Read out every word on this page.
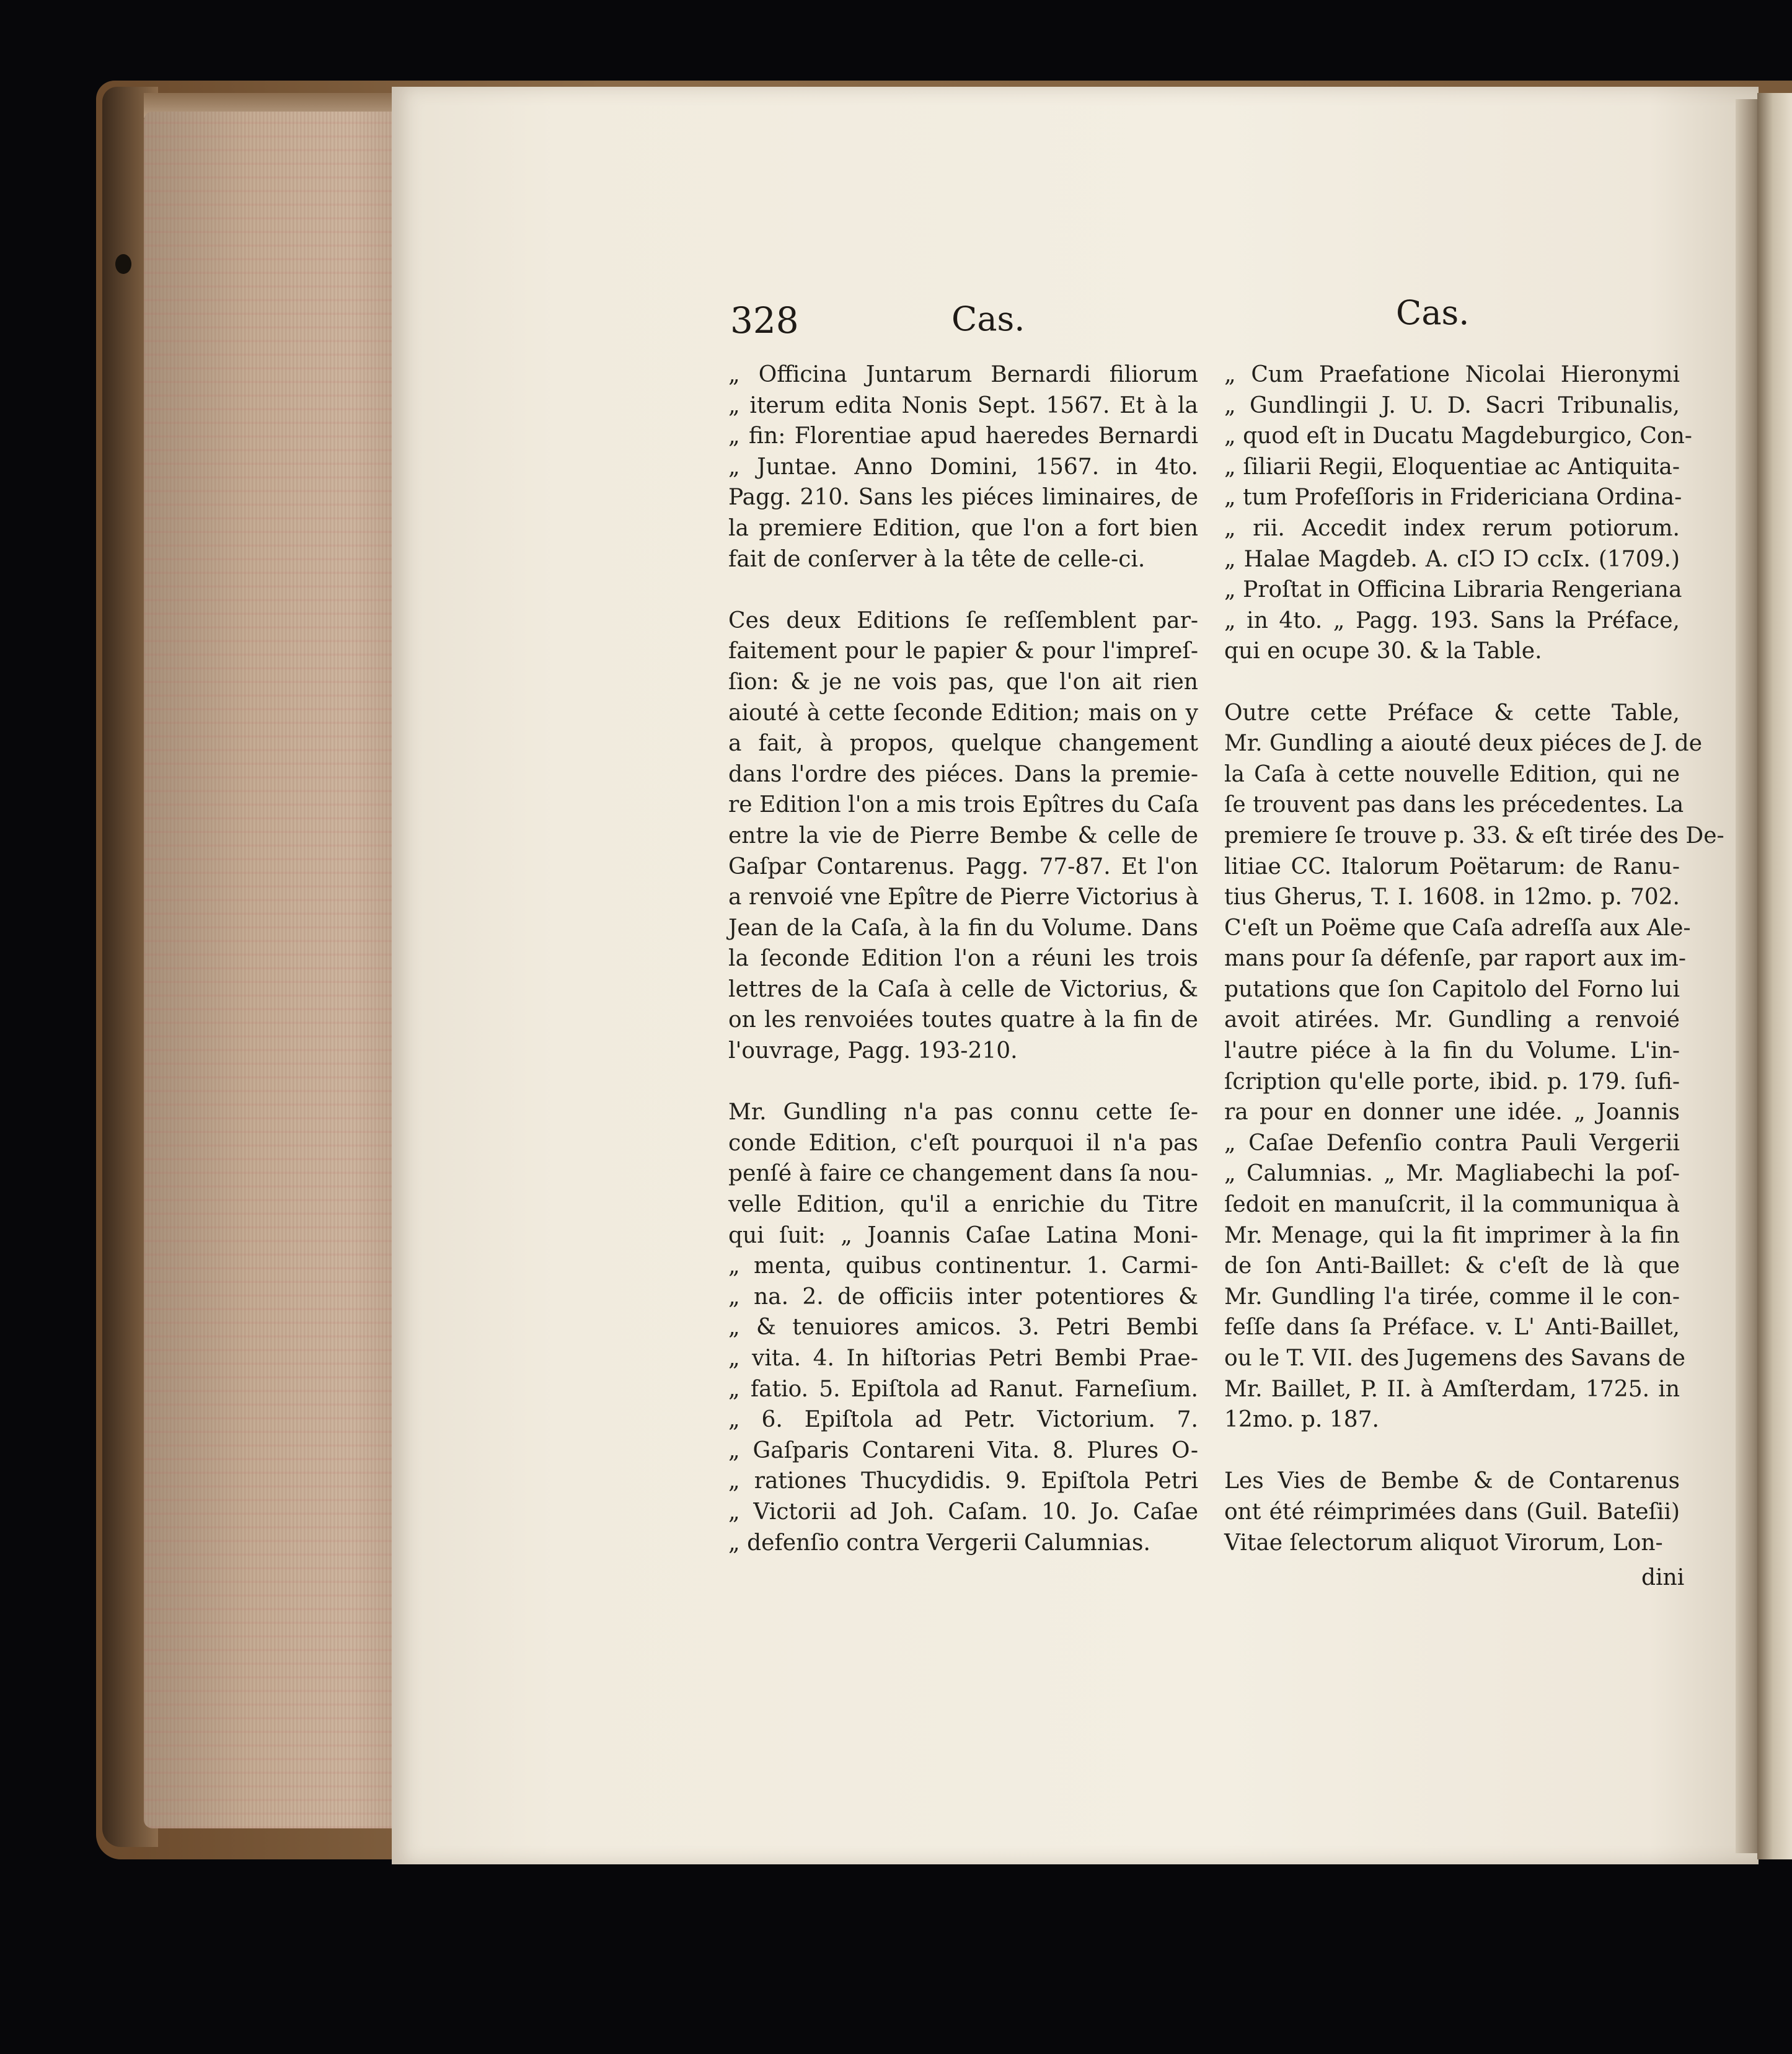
328	Cas.	Cas.
„ Officina Juntarum Bernardi filiorum
„ iterum edita Nonis Sept. 1567. Et à la
„ fin: Florentiae apud haeredes Bernardi
„ Juntae. Anno Domini, 1567. in 4to.
Pagg. 210. Sans les piéces liminaires, de
la premiere Edition, que l'on a fort bien
fait de conſerver à la tête de celle-ci.
Ces deux Editions ſe reſſemblent par-
faitement pour le papier & pour l'impreſ-
ſion: & je ne vois pas, que l'on ait rien
aiouté à cette ſeconde Edition; mais on y
a fait, à propos, quelque changement
dans l'ordre des piéces. Dans la premie-
re Edition l'on a mis trois Epîtres du Caſa
entre la vie de Pierre Bembe & celle de
Gaſpar Contarenus. Pagg. 77-87. Et l'on
a renvoié vne Epître de Pierre Victorius à
Jean de la Caſa, à la fin du Volume. Dans
la ſeconde Edition l'on a réuni les trois
lettres de la Caſa à celle de Victorius, &
on les renvoiées toutes quatre à la fin de
l'ouvrage, Pagg. 193-210.
Mr. Gundling n'a pas connu cette ſe-
conde Edition, c'eſt pourquoi il n'a pas
penſé à faire ce changement dans ſa nou-
velle Edition, qu'il a enrichie du Titre
qui ſuit: „ Joannis Caſae Latina Moni-
„ menta, quibus continentur. 1. Carmi-
„ na. 2. de officiis inter potentiores &
„ & tenuiores amicos. 3. Petri Bembi
„ vita. 4. In hiſtorias Petri Bembi Prae-
„ fatio. 5. Epiſtola ad Ranut. Farneſium.
„ 6. Epiſtola ad Petr. Victorium. 7.
„ Gaſparis Contareni Vita. 8. Plures O-
„ rationes Thucydidis. 9. Epiſtola Petri
„ Victorii ad Joh. Caſam. 10. Jo. Caſae
„ defenſio contra Vergerii Calumnias.
„ Cum Praefatione Nicolai Hieronymi
„ Gundlingii J. U. D. Sacri Tribunalis,
„ quod eſt in Ducatu Magdeburgico, Con-
„ ſiliarii Regii, Eloquentiae ac Antiquita-
„ tum Profeſſoris in Fridericiana Ordina-
„ rii. Accedit index rerum potiorum.
„ Halae Magdeb. A. cIↃ IↃ ccIx. (1709.)
„ Proſtat in Officina Libraria Rengeriana
„ in 4to. „ Pagg. 193. Sans la Préface,
qui en ocupe 30. & la Table.
Outre cette Préface & cette Table,
Mr. Gundling a aiouté deux piéces de J. de
la Caſa à cette nouvelle Edition, qui ne
ſe trouvent pas dans les précedentes. La
premiere ſe trouve p. 33. & eſt tirée des De-
litiae CC. Italorum Poëtarum: de Ranu-
tius Gherus, T. I. 1608. in 12mo. p. 702.
C'eſt un Poëme que Caſa adreſſa aux Ale-
mans pour ſa défenſe, par raport aux im-
putations que ſon Capitolo del Forno lui
avoit atirées. Mr. Gundling a renvoié
l'autre piéce à la fin du Volume. L'in-
ſcription qu'elle porte, ibid. p. 179. ſufi-
ra pour en donner une idée. „ Joannis
„ Caſae Defenſio contra Pauli Vergerii
„ Calumnias. „ Mr. Magliabechi la poſ-
ſedoit en manuſcrit, il la communiqua à
Mr. Menage, qui la fit imprimer à la fin
de ſon Anti-Baillet: & c'eſt de là que
Mr. Gundling l'a tirée, comme il le con-
feſſe dans ſa Préface. v. L' Anti-Baillet,
ou le T. VII. des Jugemens des Savans de
Mr. Baillet, P. II. à Amſterdam, 1725. in
12mo. p. 187.
Les Vies de Bembe & de Contarenus
ont été réimprimées dans (Guil. Bateſii)
Vitae ſelectorum aliquot Virorum, Lon-
dini
